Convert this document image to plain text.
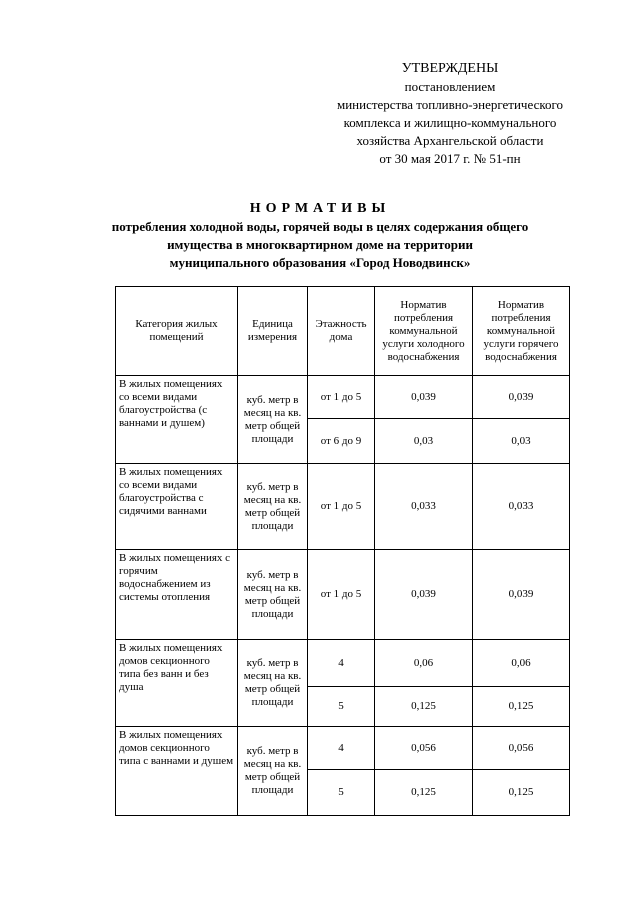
УТВЕРЖДЕНЫ
постановлением
министерства топливно-энергетического
комплекса и жилищно-коммунального
хозяйства Архангельской области
от 30 мая 2017 г. № 51-пн
НОРМАТИВЫ
потребления холодной воды, горячей воды в целях содержания общего
имущества в многоквартирном доме на территории
муниципального образования «Город Новодвинск»
Категория жилых помещений	Единица измерения	Этажность дома	Норматив потребления коммунальной услуги холодного водоснабжения	Норматив потребления коммунальной услуги горячего водоснабжения
В жилых помещениях со всеми видами благоустройства (с ваннами и душем)	куб. метр в месяц на кв. метр общей площади	от 1 до 5	0,039	0,039
		от 6 до 9	0,03	0,03
В жилых помещениях со всеми видами благоустройства с сидячими ваннами	куб. метр в месяц на кв. метр общей площади	от 1 до 5	0,033	0,033
В жилых помещениях с горячим водоснабжением из системы отопления	куб. метр в месяц на кв. метр общей площади	от 1 до 5	0,039	0,039
В жилых помещениях домов секционного типа без ванн и без душа	куб. метр в месяц на кв. метр общей площади	4	0,06	0,06
		5	0,125	0,125
В жилых помещениях домов секционного типа с ваннами и душем	куб. метр в месяц на кв. метр общей площади	4	0,056	0,056
		5	0,125	0,125
